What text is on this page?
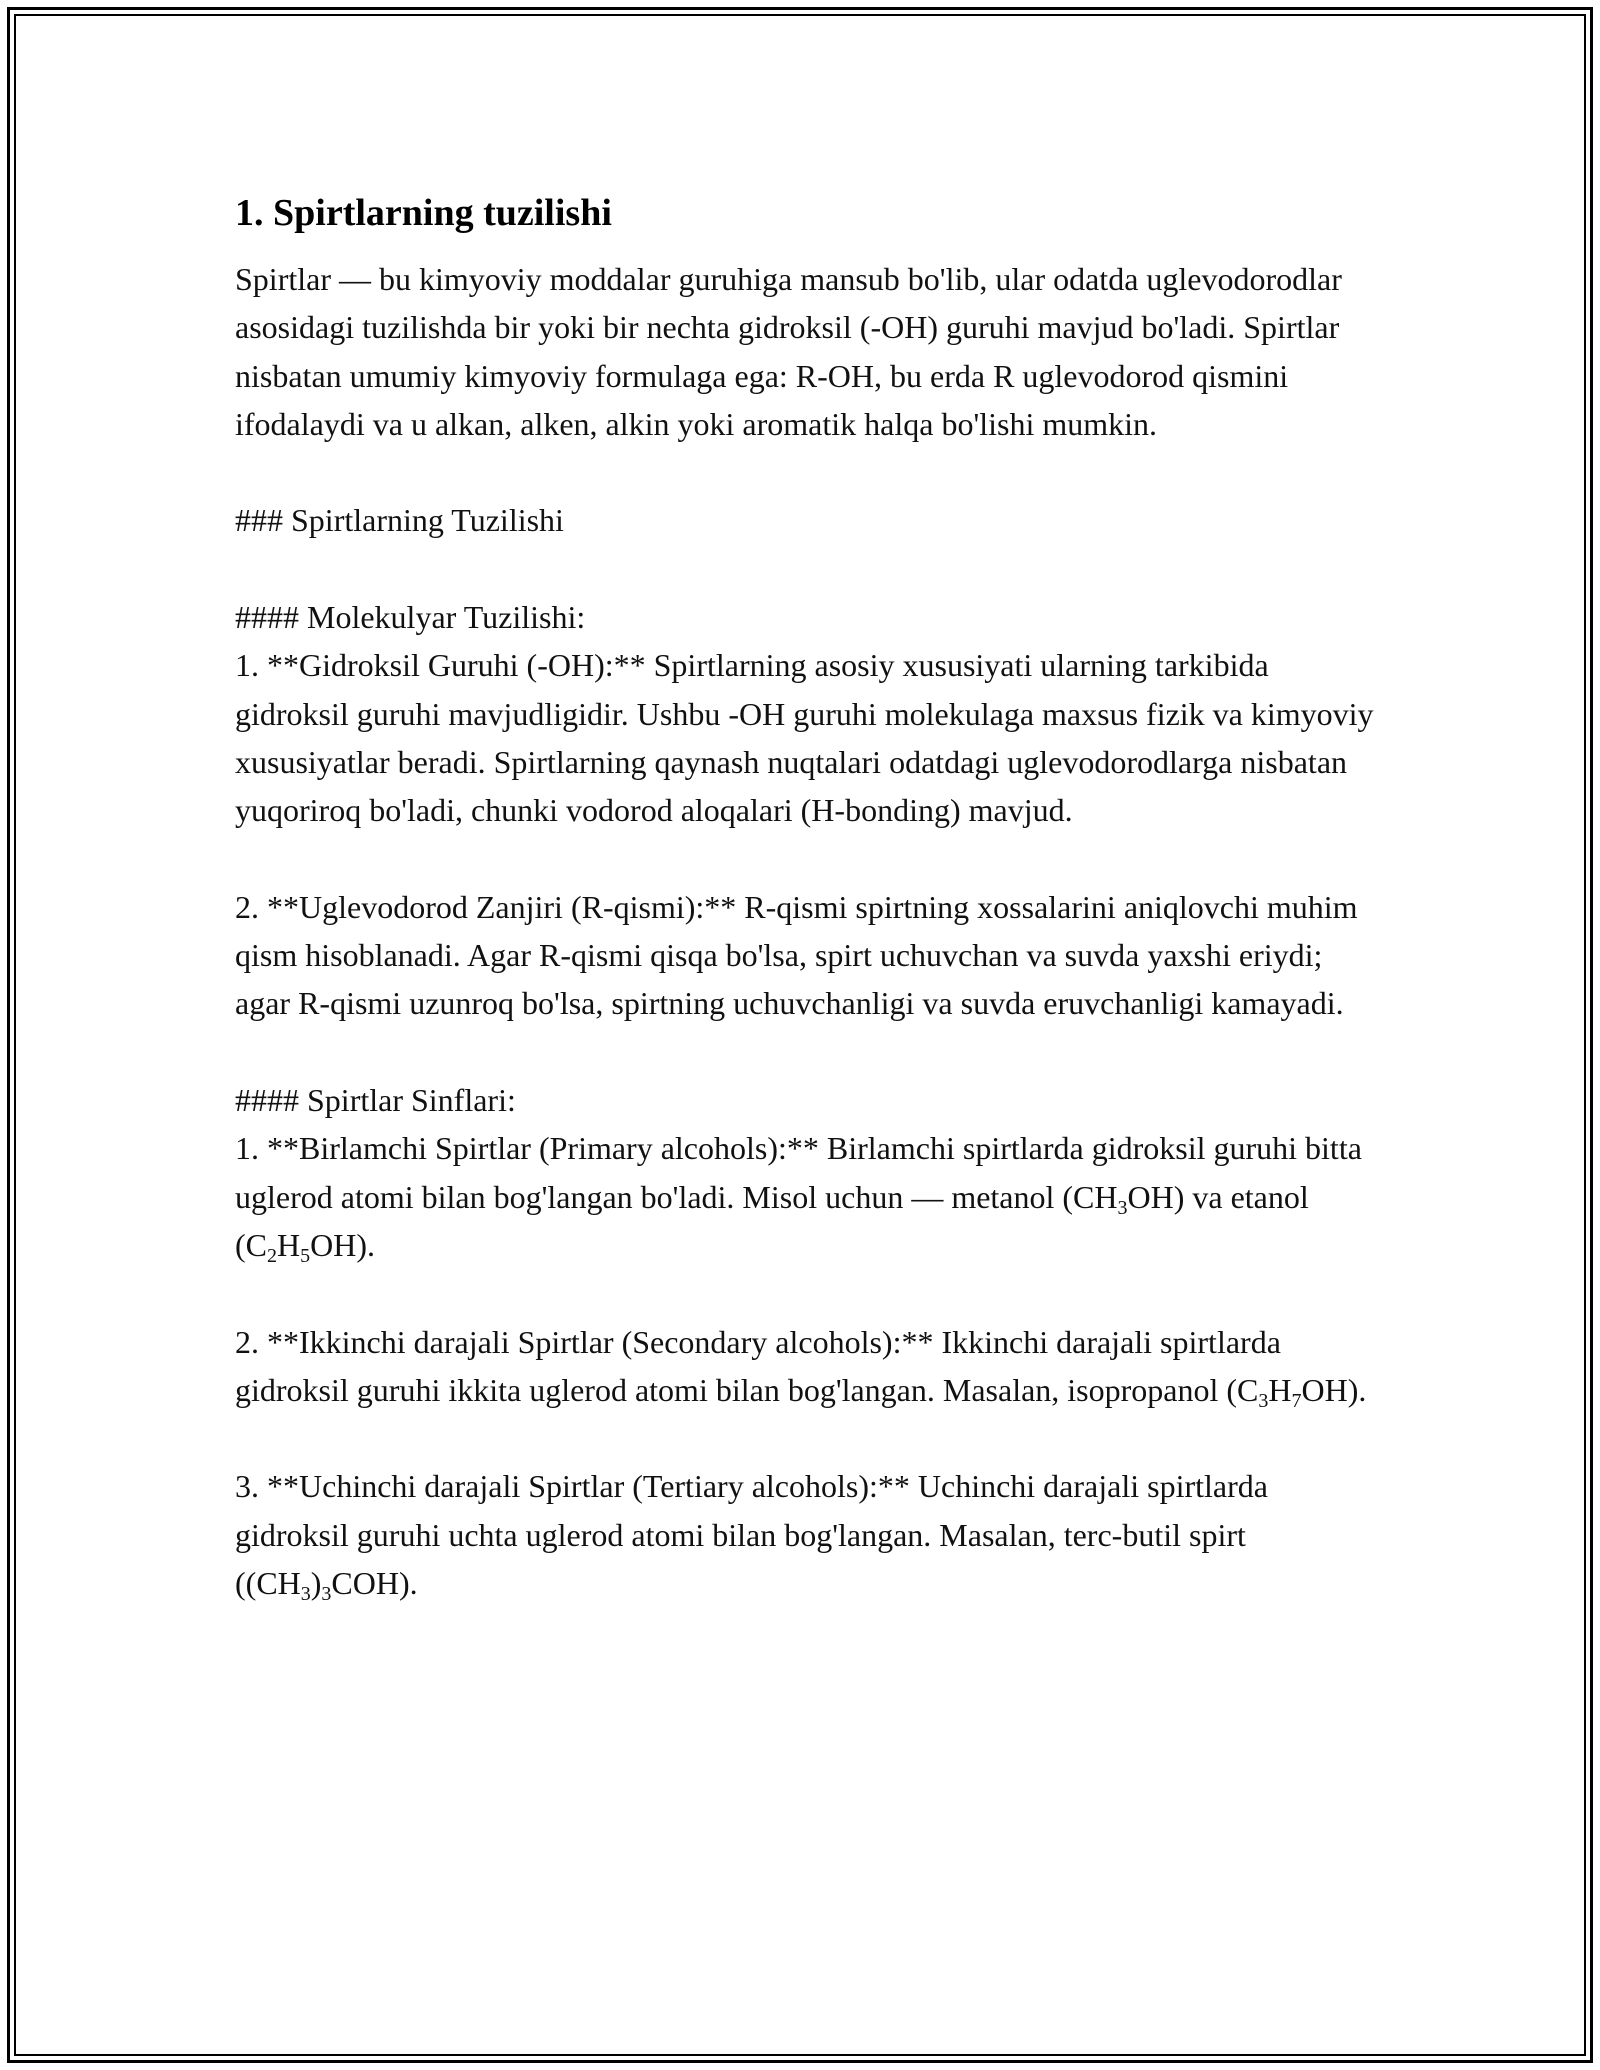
1. Spirtlarning tuzilishi

Spirtlar — bu kimyoviy moddalar guruhiga mansub bo'lib, ular odatda uglevodorodlar asosidagi tuzilishda bir yoki bir nechta gidroksil (-OH) guruhi mavjud bo'ladi. Spirtlar nisbatan umumiy kimyoviy formulaga ega: R-OH, bu erda R uglevodorod qismini ifodalaydi va u alkan, alken, alkin yoki aromatik halqa bo'lishi mumkin.

### Spirtlarning Tuzilishi

#### Molekulyar Tuzilishi:

1. **Gidroksil Guruhi (-OH):** Spirtlarning asosiy xususiyati ularning tarkibida gidroksil guruhi mavjudligidir. Ushbu -OH guruhi molekulaga maxsus fizik va kimyoviy xususiyatlar beradi. Spirtlarning qaynash nuqtalari odatdagi uglevodorodlarga nisbatan yuqoriroq bo'ladi, chunki vodorod aloqalari (H-bonding) mavjud.

2. **Uglevodorod Zanjiri (R-qismi):** R-qismi spirtning xossalarini aniqlovchi muhim qism hisoblanadi. Agar R-qismi qisqa bo'lsa, spirt uchuvchan va suvda yaxshi eriydi; agar R-qismi uzunroq bo'lsa, spirtning uchuvchanligi va suvda eruvchanligi kamayadi.

#### Spirtlar Sinflari:

1. **Birlamchi Spirtlar (Primary alcohols):** Birlamchi spirtlarda gidroksil guruhi bitta uglerod atomi bilan bog'langan bo'ladi. Misol uchun — metanol $(CH_3OH)$ va etanol $(C_2H_5OH)$.

2. **Ikkinchi darajali Spirtlar (Secondary alcohols):** Ikkinchi darajali spirtlarda gidroksil guruhi ikkita uglerod atomi bilan bog'langan. Masalan, isopropanol $(C_3H_7OH)$.

3. **Uchinchi darajali Spirtlar (Tertiary alcohols):** Uchinchi darajali spirtlarda gidroksil guruhi uchta uglerod atomi bilan bog'langan. Masalan, terc-butil spirt $((CH_3)_3COH)$.
